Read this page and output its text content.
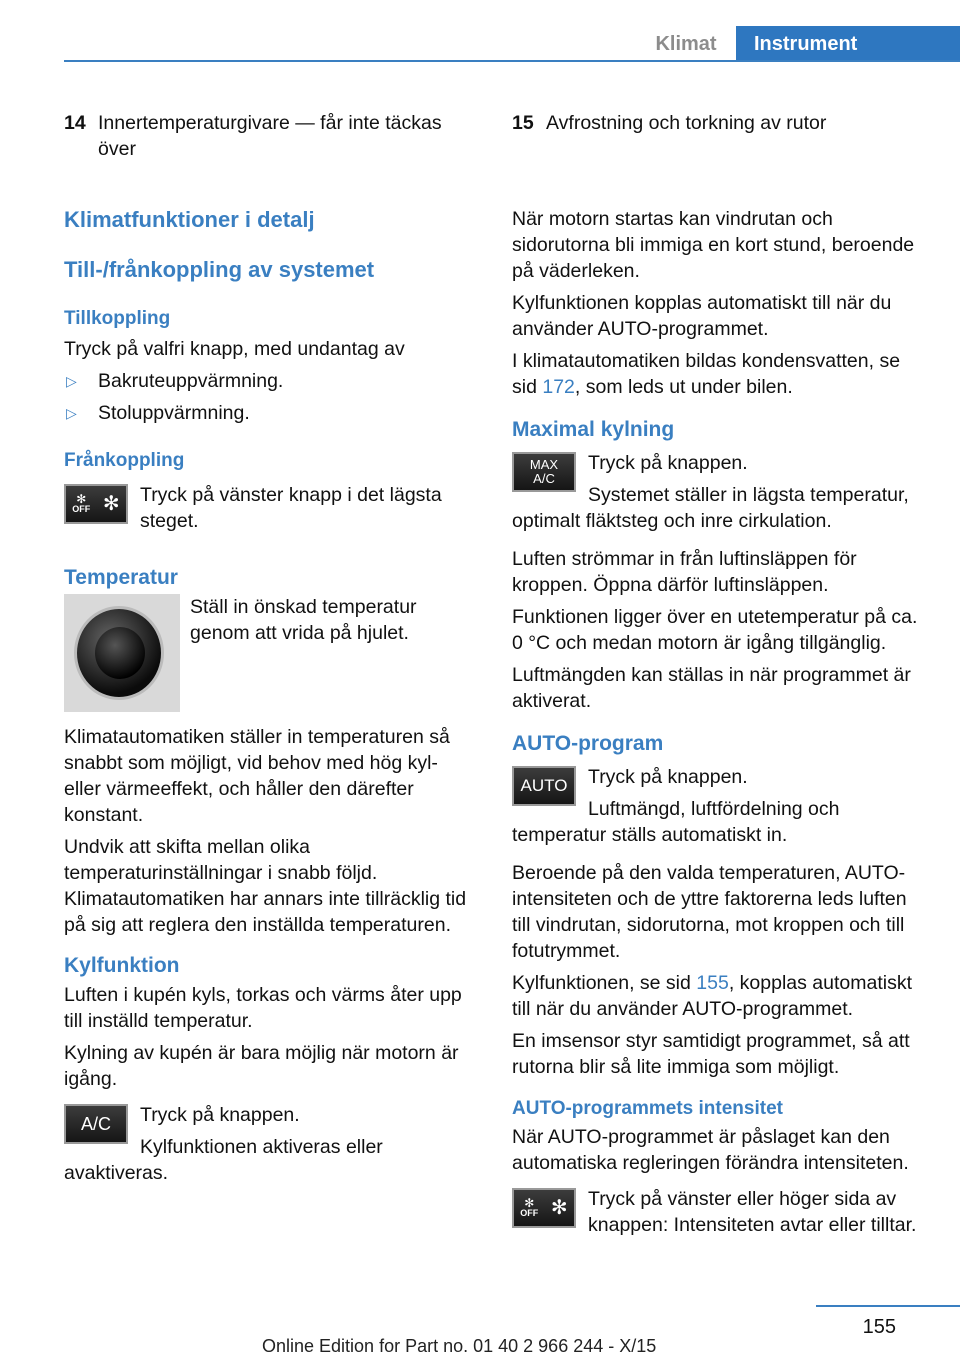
Klimat	Instrument
14 Innertemperaturgivare — får inte täckas över
Klimatfunktioner i detalj
Till-/frånkoppling av systemet
Tillkoppling

Tryck på valfri knapp, med undantag av

▷	Bakruteuppvärmning.
▷	Stoluppvärmning.
Frånkoppling
✻
OFF ✻	Tryck på vänster knapp i det lägsta steget.

Temperatur

Ställ in önskad temperatur genom att vrida på hjulet.

Klimatautomatiken ställer in temperaturen så snabbt som möjligt, vid behov med hög kyl- eller värmeeffekt, och håller den därefter konstant.

Undvik att skifta mellan olika temperaturinställningar i snabb följd. Klimatautomatiken har annars inte tillräcklig tid på sig att reglera den inställda temperaturen.

Kylfunktion

Luften i kupén kyls, torkas och värms åter upp till inställd temperatur.

Kylning av kupén är bara möjlig när motorn är igång.

A/C	Tryck på knappen.

Kylfunktionen aktiveras eller avaktiveras.

15 Avfrostning och torkning av rutor

När motorn startas kan vindrutan och sidorutorna bli immiga en kort stund, beroende på väderleken.

Kylfunktionen kopplas automatiskt till när du använder AUTO-programmet.

I klimatautomatiken bildas kondensvatten, se sid 172, som leds ut under bilen.

Maximal kylning
MAX A/C

Tryck på knappen.

Systemet ställer in lägsta temperatur, optimalt fläktsteg och inre cirkulation.

Luften strömmar in från luftinsläppen för kroppen. Öppna därför luftinsläppen.

Funktionen ligger över en utetemperatur på ca. 0 °C och medan motorn är igång tillgänglig.

Luftmängden kan ställas in när programmet är aktiverat.

AUTO-program
AUTO	Tryck på knappen.

Luftmängd, luftfördelning och temperatur ställs automatiskt in.

Beroende på den valda temperaturen, AUTO-intensiteten och de yttre faktorerna leds luften till vindrutan, sidorutorna, mot kroppen och till fotutrymmet.

Kylfunktionen, se sid 155, kopplas automatiskt till när du använder AUTO-programmet.

En imsensor styr samtidigt programmet, så att rutorna blir så lite immiga som möjligt.

AUTO-programmets intensitet

När AUTO-programmet är påslaget kan den automatiska regleringen förändra intensiteten.

✻
OFF ✻	Tryck på vänster eller höger sida av knappen: Intensiteten avtar eller tilltar.

155
Online Edition for Part no. 01 40 2 966 244 - X/15
